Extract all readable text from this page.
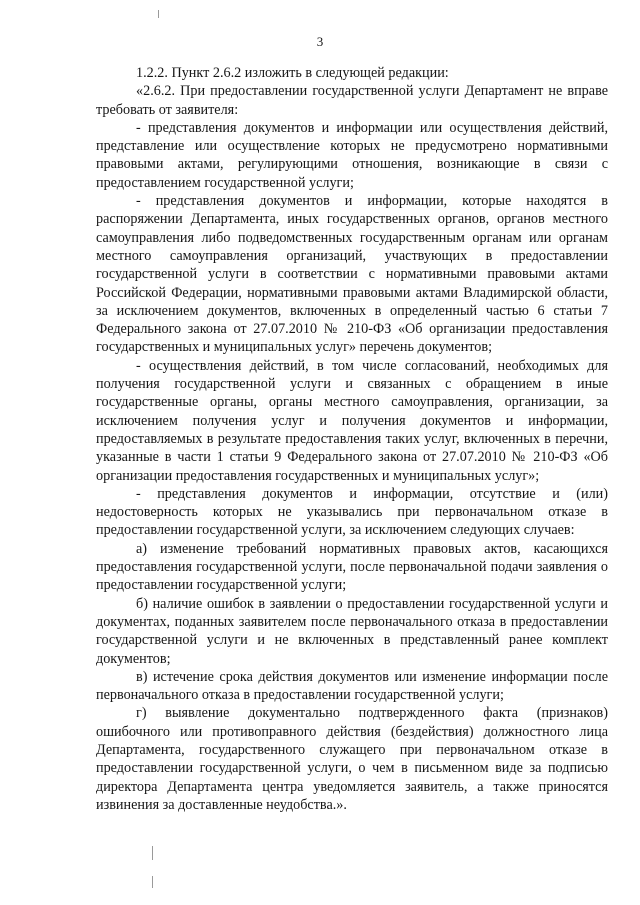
3

1.2.2. Пункт 2.6.2 изложить в следующей редакции:

«2.6.2. При предоставлении государственной услуги Департамент не вправе требовать от заявителя:

- представления документов и информации или осуществления действий, представление или осуществление которых не предусмотрено нормативными правовыми актами, регулирующими отношения, возникающие в связи с предоставлением государственной услуги;

- представления документов и информации, которые находятся в распоряжении Департамента, иных государственных органов, органов местного самоуправления либо подведомственных государственным органам или органам местного самоуправления организаций, участвующих в предоставлении государственной услуги в соответствии с нормативными правовыми актами Российской Федерации, нормативными правовыми актами Владимирской области, за исключением документов, включенных в определенный частью 6 статьи 7 Федерального закона от 27.07.2010 № 210-ФЗ «Об организации предоставления государственных и муниципальных услуг» перечень документов;

- осуществления действий, в том числе согласований, необходимых для получения государственной услуги и связанных с обращением в иные государственные органы, органы местного самоуправления, организации, за исключением получения услуг и получения документов и информации, предоставляемых в результате предоставления таких услуг, включенных в перечни, указанные в части 1 статьи 9 Федерального закона от 27.07.2010 № 210-ФЗ «Об организации предоставления государственных и муниципальных услуг»;

- представления документов и информации, отсутствие и (или) недостоверность которых не указывались при первоначальном отказе в предоставлении государственной услуги, за исключением следующих случаев:

а) изменение требований нормативных правовых актов, касающихся предоставления государственной услуги, после первоначальной подачи заявления о предоставлении государственной услуги;

б) наличие ошибок в заявлении о предоставлении государственной услуги и документах, поданных заявителем после первоначального отказа в предоставлении государственной услуги и не включенных в представленный ранее комплект документов;

в) истечение срока действия документов или изменение информации после первоначального отказа в предоставлении государственной услуги;

г) выявление документально подтвержденного факта (признаков) ошибочного или противоправного действия (бездействия) должностного лица Департамента, государственного служащего при первоначальном отказе в предоставлении государственной услуги, о чем в письменном виде за подписью директора Департамента центра уведомляется заявитель, а также приносятся извинения за доставленные неудобства.».
